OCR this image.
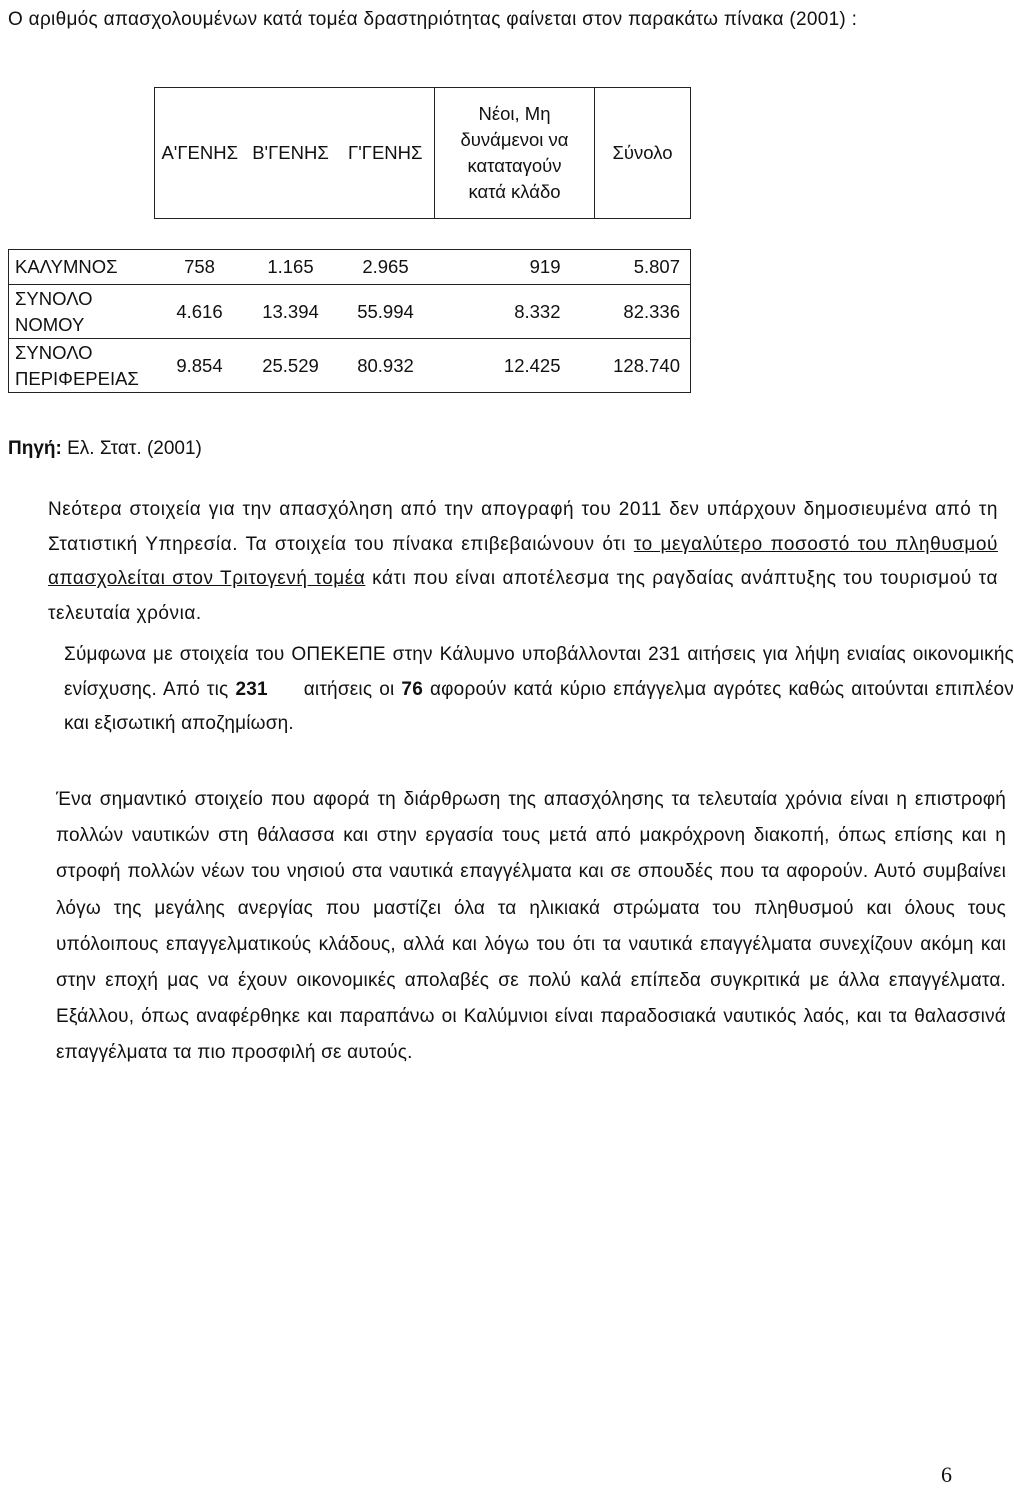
Ο αριθμός απασχολουμένων κατά τομέα δραστηριότητας φαίνεται στον παρακάτω πίνακα (2001) :

	Α'ΓΕΝΗΣ	Β'ΓΕΝΗΣ	Γ'ΓΕΝΗΣ	Νέοι, Μη δυνάμενοι να καταταγούν κατά κλάδο	Σύνολο

ΚΑΛΥΜΝΟΣ	758	1.165	2.965	919	5.807
ΣΥΝΟΛΟ ΝΟΜΟΥ	4.616	13.394	55.994	8.332	82.336
ΣΥΝΟΛΟ ΠΕΡΙΦΕΡΕΙΑΣ	9.854	25.529	80.932	12.425	128.740

Πηγή: Ελ. Στατ. (2001)

Νεότερα στοιχεία για την απασχόληση από την απογραφή του 2011 δεν υπάρχουν δημοσιευμένα από τη Στατιστική Υπηρεσία. Τα στοιχεία του πίνακα επιβεβαιώνουν ότι το μεγαλύτερο ποσοστό του πληθυσμού απασχολείται στον Τριτογενή τομέα κάτι που είναι αποτέλεσμα της ραγδαίας ανάπτυξης του τουρισμού τα τελευταία χρόνια.

Σύμφωνα με στοιχεία του ΟΠΕΚΕΠΕ στην Κάλυμνο υποβάλλονται 231 αιτήσεις για λήψη ενιαίας οικονομικής ενίσχυσης. Από τις 231 αιτήσεις οι 76 αφορούν κατά κύριο επάγγελμα αγρότες καθώς αιτούνται επιπλέον και εξισωτική αποζημίωση.

Ένα σημαντικό στοιχείο που αφορά τη διάρθρωση της απασχόλησης τα τελευταία χρόνια είναι η επιστροφή πολλών ναυτικών στη θάλασσα και στην εργασία τους μετά από μακρόχρονη διακοπή, όπως επίσης και η στροφή πολλών νέων του νησιού στα ναυτικά επαγγέλματα και σε σπουδές που τα αφορούν. Αυτό συμβαίνει λόγω της μεγάλης ανεργίας που μαστίζει όλα τα ηλικιακά στρώματα του πληθυσμού και όλους τους υπόλοιπους επαγγελματικούς κλάδους, αλλά και λόγω του ότι τα ναυτικά επαγγέλματα συνεχίζουν ακόμη και στην εποχή μας να έχουν οικονομικές απολαβές σε πολύ καλά επίπεδα συγκριτικά με άλλα επαγγέλματα. Εξάλλου, όπως αναφέρθηκε και παραπάνω οι Καλύμνιοι είναι παραδοσιακά ναυτικός λαός, και τα θαλασσινά επαγγέλματα τα πιο προσφιλή σε αυτούς.

6
